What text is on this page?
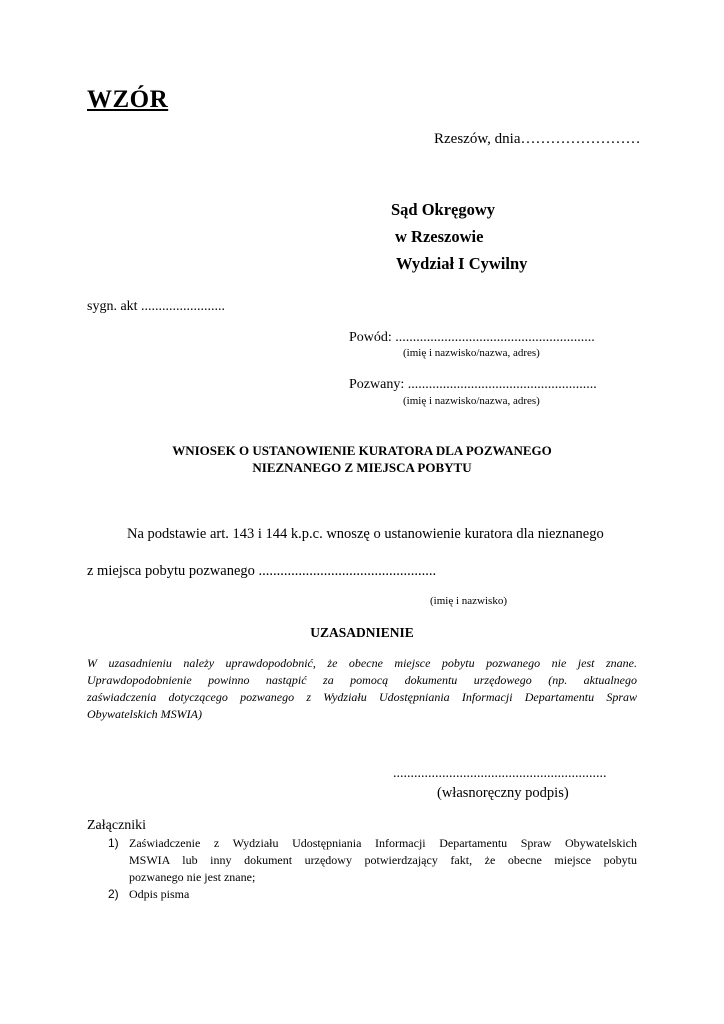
WZÓR
Rzeszów, dnia……………………
Sąd Okręgowy
w Rzeszowie
Wydział I Cywilny
sygn. akt ........................
Powód: .........................................................
(imię i nazwisko/nazwa, adres)
Pozwany: ......................................................
(imię i nazwisko/nazwa, adres)
WNIOSEK O USTANOWIENIE KURATORA DLA POZWANEGO
NIEZNANEGO Z MIEJSCA POBYTU
Na podstawie art. 143 i 144 k.p.c. wnoszę o ustanowienie kuratora dla nieznanego
z miejsca pobytu pozwanego .................................................
(imię i nazwisko)
UZASADNIENIE
W uzasadnieniu należy uprawdopodobnić, że obecne miejsce pobytu pozwanego nie jest znane.
Uprawdopodobnienie powinno nastąpić za pomocą dokumentu urzędowego (np. aktualnego
zaświadczenia dotyczącego pozwanego z Wydziału Udostępniania Informacji Departamentu Spraw
Obywatelskich MSWIA)
.............................................................
(własnoręczny podpis)
Załączniki
1) Zaświadczenie z Wydziału Udostępniania Informacji Departamentu Spraw Obywatelskich
MSWIA lub inny dokument urzędowy potwierdzający fakt, że obecne miejsce pobytu
pozwanego nie jest znane;
2) Odpis pisma
